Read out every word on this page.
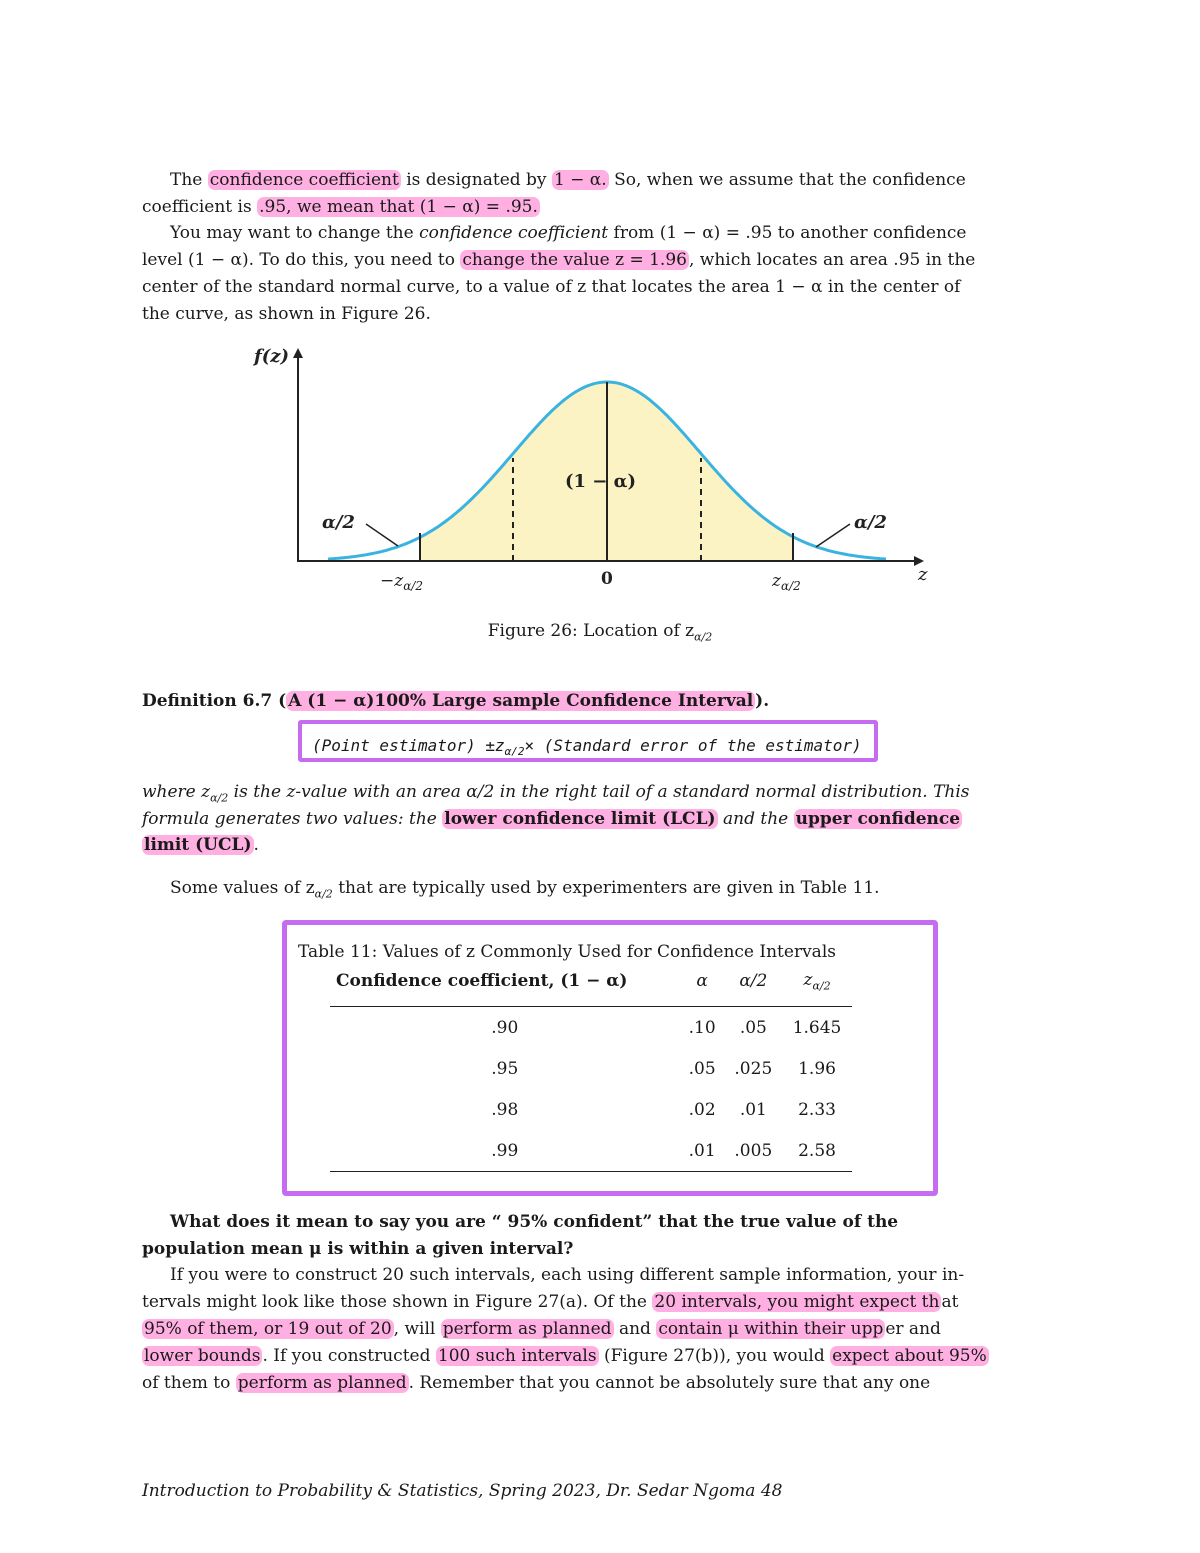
The confidence coefficient is designated by 1 − α. So, when we assume that the confidence
coefficient is .95, we mean that (1 − α) = .95.
You may want to change the confidence coefficient from (1 − α) = .95 to another confidence
level (1 − α). To do this, you need to change the value z = 1.96 , which locates an area .95 in the
center of the standard normal curve, to a value of z that locates the area 1 − α in the center of
the curve, as shown in Figure 26.
f(z)
z
(1 − α)
α/2	α/2
$-z_{\alpha/2}$	0	$z_{\alpha/2}$
Figure 26: Location of $z_{\alpha/2}$
Definition 6.7 ( A (1 − α)100% Large sample Confidence Interval ).
(Point estimator) $\pm z_{\alpha/2}\times$ (Standard error of the estimator)
where $z_{\alpha/2}$ is the z-value with an area α/2 in the right tail of a standard normal distribution. This
formula generates two values: the lower confidence limit (LCL) and the upper confidence
limit (UCL) .
Some values of $z_{\alpha/2}$ that are typically used by experimenters are given in Table 11.
Table 11: Values of z Commonly Used for Confidence Intervals
Confidence coefficient, (1 − α)	α	α/2	$z_{\alpha/2}$
.90	.10	.05	1.645
.95	.05	.025	1.96
.98	.02	.01	2.33
.99	.01	.005	2.58
What does it mean to say you are “ 95% confident” that the true value of the
population mean μ is within a given interval?
If you were to construct 20 such intervals, each using different sample information, your in-
tervals might look like those shown in Figure 27(a). Of the 20 intervals, you might expect th at
95% of them, or 19 out of 20 , will perform as planned and contain μ within their upp er and
lower bounds . If you constructed 100 such intervals (Figure 27(b)), you would expect about 95%
of them to perform as planned . Remember that you cannot be absolutely sure that any one
Introduction to Probability & Statistics, Spring 2023, Dr. Sedar Ngoma 48
